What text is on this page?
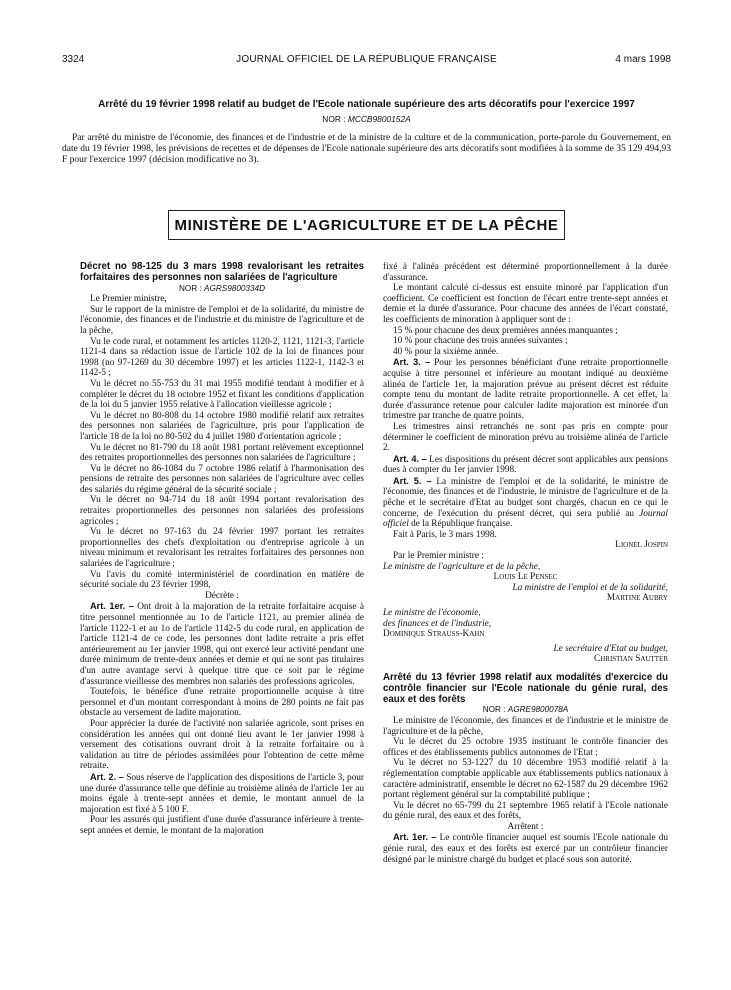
3324	JOURNAL OFFICIEL DE LA RÉPUBLIQUE FRANÇAISE	4 mars 1998
Arrêté du 19 février 1998 relatif au budget de l'Ecole nationale supérieure des arts décoratifs pour l'exercice 1997
NOR : MCCB9800152A
Par arrêté du ministre de l'économie, des finances et de l'industrie et de la ministre de la culture et de la communication, porte-parole du Gouvernement, en date du 19 février 1998, les prévisions de recettes et de dépenses de l'Ecole nationale supérieure des arts décoratifs sont modifiées à la somme de 35 129 494,93 F pour l'exercice 1997 (décision modificative no 3).
MINISTÈRE DE L'AGRICULTURE ET DE LA PÊCHE

Décret no 98-125 du 3 mars 1998 revalorisant les retraites forfaitaires des personnes non salariées de l'agriculture

NOR : AGRS9800334D

Le Premier ministre,

Sur le rapport de la ministre de l'emploi et de la solidarité, du ministre de l'économie, des finances et de l'industrie et du ministre de l'agriculture et de la pêche,

Vu le code rural, et notamment les articles 1120-2, 1121, 1121-3, l'article 1121-4 dans sa rédaction issue de l'article 102 de la loi de finances pour 1998 (no 97-1269 du 30 décembre 1997) et les articles 1122-1, 1142-3 et 1142-5 ;

Vu le décret no 55-753 du 31 mai 1955 modifié tendant à modifier et à compléter le décret du 18 octobre 1952 et fixant les conditions d'application de la loi du 5 janvier 1955 relative à l'allocation vieillesse agricole ;

Vu le décret no 80-808 du 14 octobre 1980 modifié relatif aux retraites des personnes non salariées de l'agriculture, pris pour l'application de l'article 18 de la loi no 80-502 du 4 juillet 1980 d'orientation agricole ;

Vu le décret no 81-790 du 18 août 1981 portant relèvement exceptionnel des retraites proportionnelles des personnes non salariées de l'agriculture ;

Vu le décret no 86-1084 du 7 octobre 1986 relatif à l'harmonisation des pensions de retraite des personnes non salariées de l'agriculture avec celles des salariés du régime général de la sécurité sociale ;

Vu le décret no 94-714 du 18 août 1994 portant revalorisation des retraites proportionnelles des personnes non salariées des professions agricoles ;

Vu le décret no 97-163 du 24 février 1997 portant les retraites proportionnelles des chefs d'exploitation ou d'entreprise agricole à un niveau minimum et revalorisant les retraites forfaitaires des personnes non salariées de l'agriculture ;

Vu l'avis du comité interministériel de coordination en matière de sécurité sociale du 23 février 1998,

Décrète :

Art. 1er. – Ont droit à la majoration de la retraite forfaitaire acquise à titre personnel mentionnée au 1o de l'article 1121, au premier alinéa de l'article 1122-1 et au 1o de l'article 1142-5 du code rural, en application de l'article 1121-4 de ce code, les personnes dont ladite retraite a pris effet antérieurement au 1er janvier 1998, qui ont exercé leur activité pendant une durée minimum de trente-deux années et demie et qui ne sont pas titulaires d'un autre avantage servi à quelque titre que ce soit par le régime d'assurance vieillesse des membres non salariés des professions agricoles.

Toutefois, le bénéfice d'une retraite proportionnelle acquise à titre personnel et d'un montant correspondant à moins de 280 points ne fait pas obstacle au versement de ladite majoration.

Pour apprécier la durée de l'activité non salariée agricole, sont prises en considération les années qui ont donné lieu avant le 1er janvier 1998 à versement des cotisations ouvrant droit à la retraite forfaitaire ou à validation au titre de périodes assimilées pour l'obtention de cette même retraite.

Art. 2. – Sous réserve de l'application des dispositions de l'article 3, pour une durée d'assurance telle que définie au troisième alinéa de l'article 1er au moins égale à trente-sept années et demie, le montant annuel de la majoration est fixé à 5 100 F.

Pour les assurés qui justifient d'une durée d'assurance inférieure à trente-sept années et demie, le montant de la majoration

fixé à l'alinéa précédent est déterminé proportionnellement à la durée d'assurance.

Le montant calculé ci-dessus est ensuite minoré par l'application d'un coefficient. Ce coefficient est fonction de l'écart entre trente-sept années et demie et la durée d'assurance. Pour chacune des années de l'écart constaté, les coefficients de minoration à appliquer sont de :

15 % pour chacune des deux premières années manquantes ;

10 % pour chacune des trois années suivantes ;

40 % pour la sixième année.

Art. 3. – Pour les personnes bénéficiant d'une retraite proportionnelle acquise à titre personnel et inférieure au montant indiqué au deuxième alinéa de l'article 1er, la majoration prévue au présent décret est réduite compte tenu du montant de ladite retraite proportionnelle. A cet effet, la durée d'assurance retenue pour calculer ladite majoration est minorée d'un trimestre par tranche de quatre points.

Les trimestres ainsi retranchés ne sont pas pris en compte pour déterminer le coefficient de minoration prévu au troisième alinéa de l'article 2.

Art. 4. – Les dispositions du présent décret sont applicables aux pensions dues à compter du 1er janvier 1998.

Art. 5. – La ministre de l'emploi et de la solidarité, le ministre de l'économie, des finances et de l'industrie, le ministre de l'agriculture et de la pêche et le secrétaire d'Etat au budget sont chargés, chacun en ce qui le concerne, de l'exécution du présent décret, qui sera publié au Journal officiel de la République française.

Fait à Paris, le 3 mars 1998.

Lionel Jospin

Par le Premier ministre :

Le ministre de l'agriculture et de la pêche,

Louis Le Pensec

La ministre de l'emploi et de la solidarité,

Martine Aubry

Le ministre de l'économie,

des finances et de l'industrie,

Dominique Strauss-Kahn

Le secrétaire d'Etat au budget,

Christian Sautter

Arrêté du 13 février 1998 relatif aux modalités d'exercice du contrôle financier sur l'Ecole nationale du génie rural, des eaux et des forêts

NOR : AGRE9800078A

Le ministre de l'économie, des finances et de l'industrie et le ministre de l'agriculture et de la pêche,

Vu le décret du 25 octobre 1935 instituant le contrôle financier des offices et des établissements publics autonomes de l'Etat ;

Vu le décret no 53-1227 du 10 décembre 1953 modifié relatif à la réglementation comptable applicable aux établissements publics nationaux à caractère administratif, ensemble le décret no 62-1587 du 29 décembre 1962 portant règlement général sur la comptabilité publique ;

Vu le décret no 65-799 du 21 septembre 1965 relatif à l'Ecole nationale du génie rural, des eaux et des forêts,

Arrêtent :

Art. 1er. – Le contrôle financier auquel est soumis l'Ecole nationale du génie rural, des eaux et des forêts est exercé par un contrôleur financier désigné par le ministre chargé du budget et placé sous son autorité.
